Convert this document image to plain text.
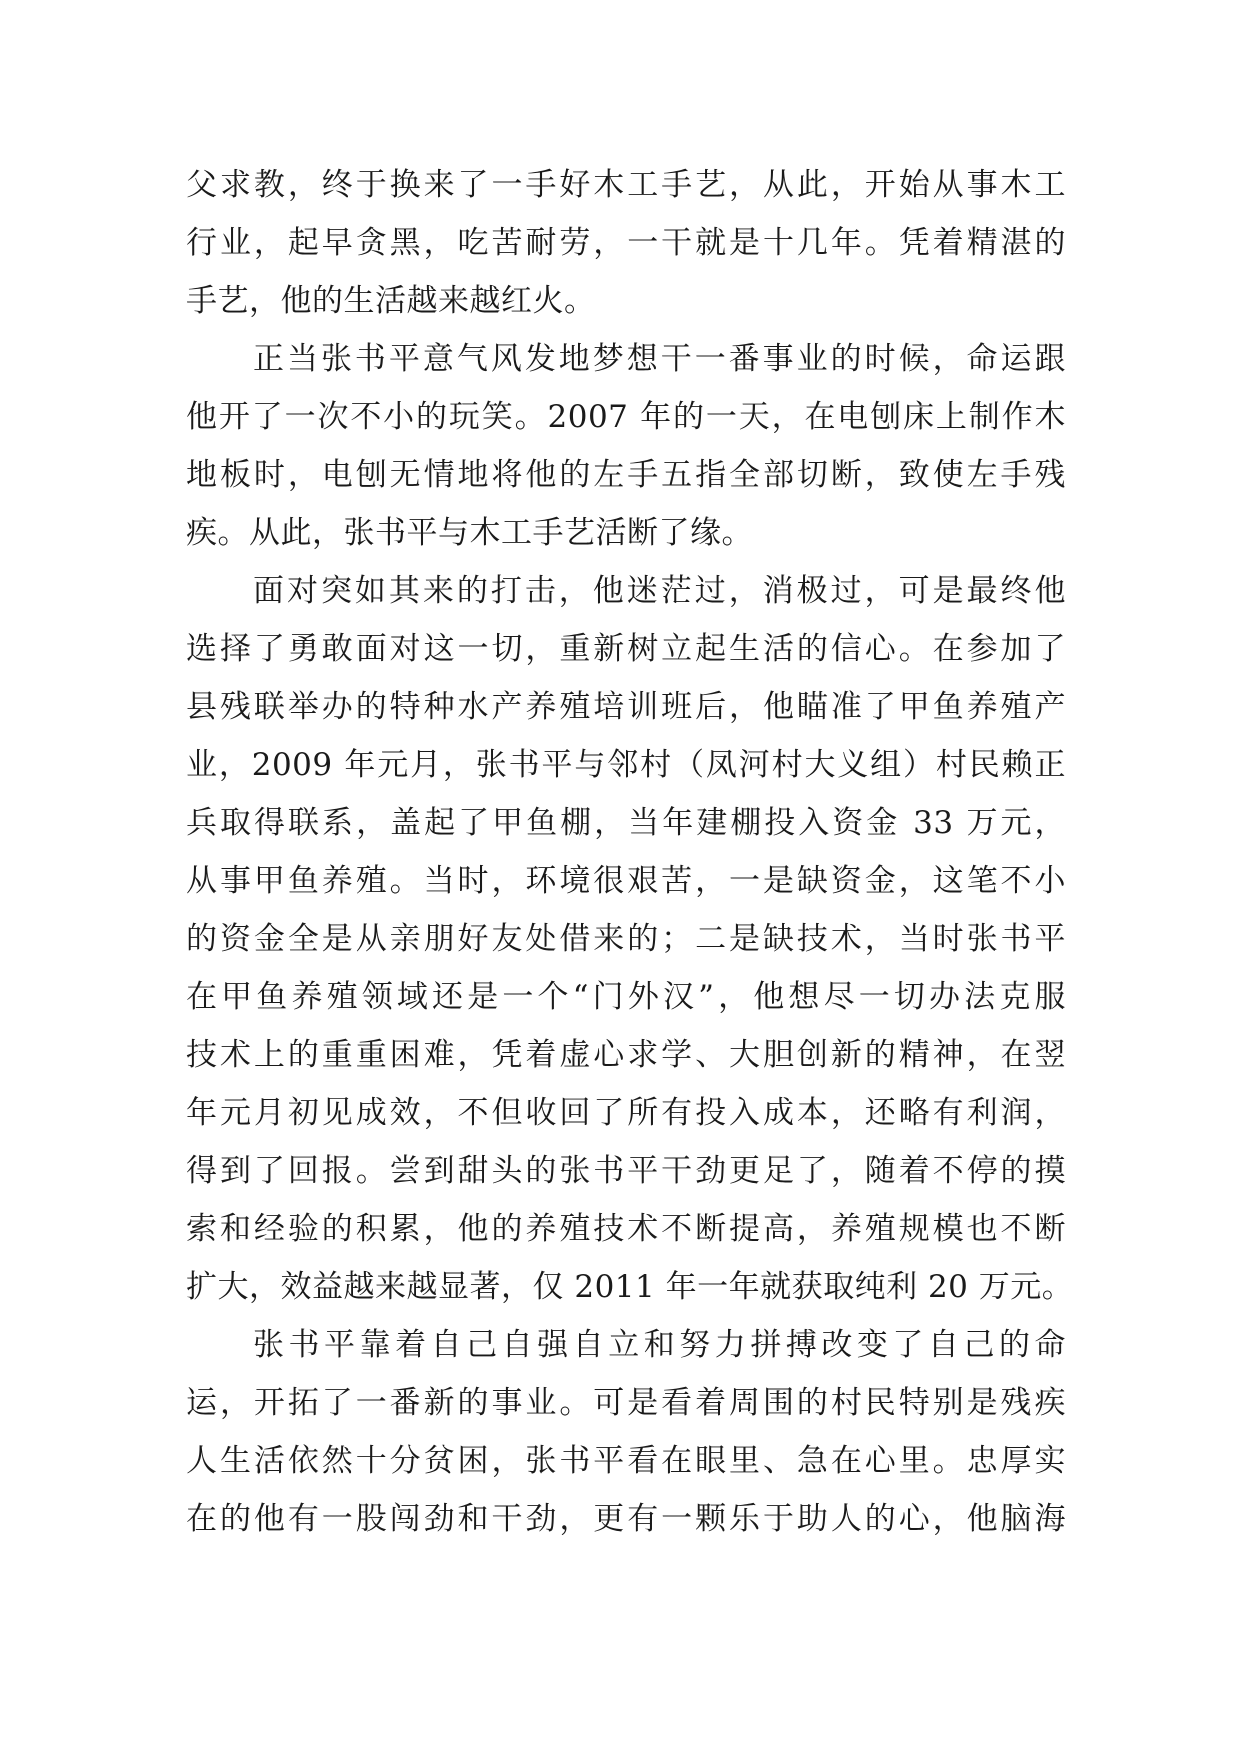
父求教，终于换来了一手好木工手艺，从此，开始从事木工
行业，起早贪黑，吃苦耐劳，一干就是十几年。凭着精湛的
手艺，他的生活越来越红火。
正当张书平意气风发地梦想干一番事业的时候，命运跟
他开了一次不小的玩笑。2007 年的一天，在电刨床上制作木
地板时，电刨无情地将他的左手五指全部切断，致使左手残
疾。从此，张书平与木工手艺活断了缘。
面对突如其来的打击，他迷茫过，消极过，可是最终他
选择了勇敢面对这一切，重新树立起生活的信心。在参加了
县残联举办的特种水产养殖培训班后，他瞄准了甲鱼养殖产
业，2009 年元月，张书平与邻村（凤河村大义组）村民赖正
兵取得联系，盖起了甲鱼棚，当年建棚投入资金 33 万元，
从事甲鱼养殖。当时，环境很艰苦，一是缺资金，这笔不小
的资金全是从亲朋好友处借来的；二是缺技术，当时张书平
在甲鱼养殖领域还是一个“门外汉”，他想尽一切办法克服
技术上的重重困难，凭着虚心求学、大胆创新的精神，在翌
年元月初见成效，不但收回了所有投入成本，还略有利润，
得到了回报。尝到甜头的张书平干劲更足了，随着不停的摸
索和经验的积累，他的养殖技术不断提高，养殖规模也不断
扩大，效益越来越显著，仅 2011 年一年就获取纯利 20 万元。
张书平靠着自己自强自立和努力拼搏改变了自己的命
运，开拓了一番新的事业。可是看着周围的村民特别是残疾
人生活依然十分贫困，张书平看在眼里、急在心里。忠厚实
在的他有一股闯劲和干劲，更有一颗乐于助人的心，他脑海
